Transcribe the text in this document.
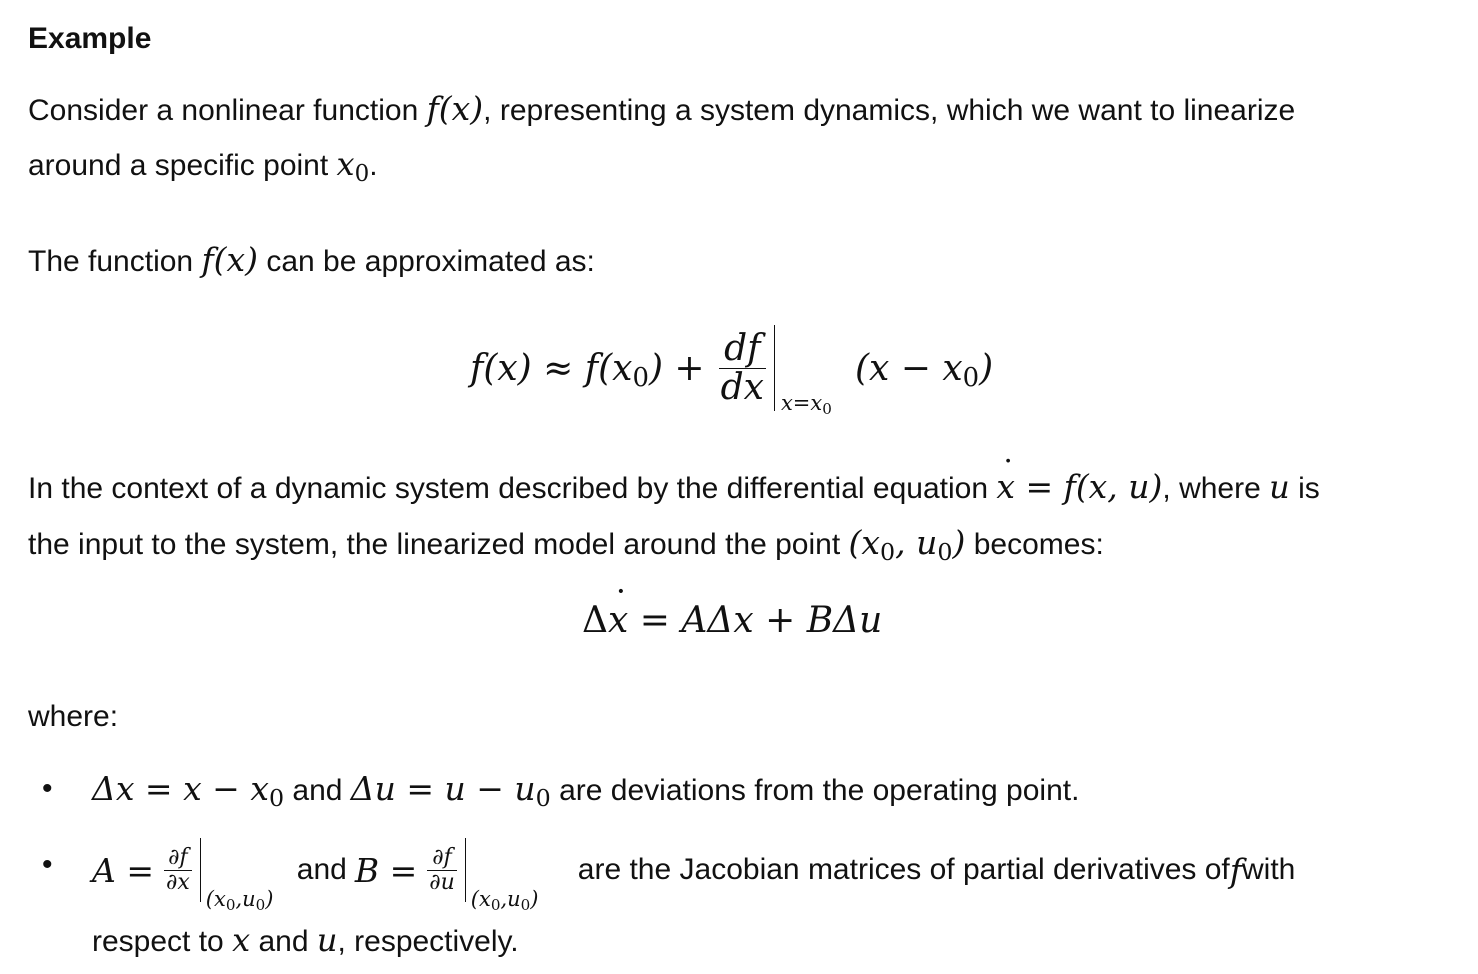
Example
Consider a nonlinear function f(x), representing a system dynamics, which we want to linearize
around a specific point x0.
The function f(x) can be approximated as:
$f(x) \approx f(x0) + \frac{df}{dx} x=x0$
(x − x0)
In the context of a dynamic system described by the differential equation ˙ x = f(x, u), where u is
the input to the system, the linearized model around the point (x0, u0) becomes:
Δ˙ x = AΔx + BΔu
where:
• Δx = x − x0 and Δu = u − u0 are deviations from the operating point.
• $A = \frac{\partial f}{\partial x}$
(x0,u0)
and $B = \frac{\partial f}{\partial u}$
(x0,u0)
are the Jacobian matrices of partial derivatives of f with
respect to x and u, respectively.
